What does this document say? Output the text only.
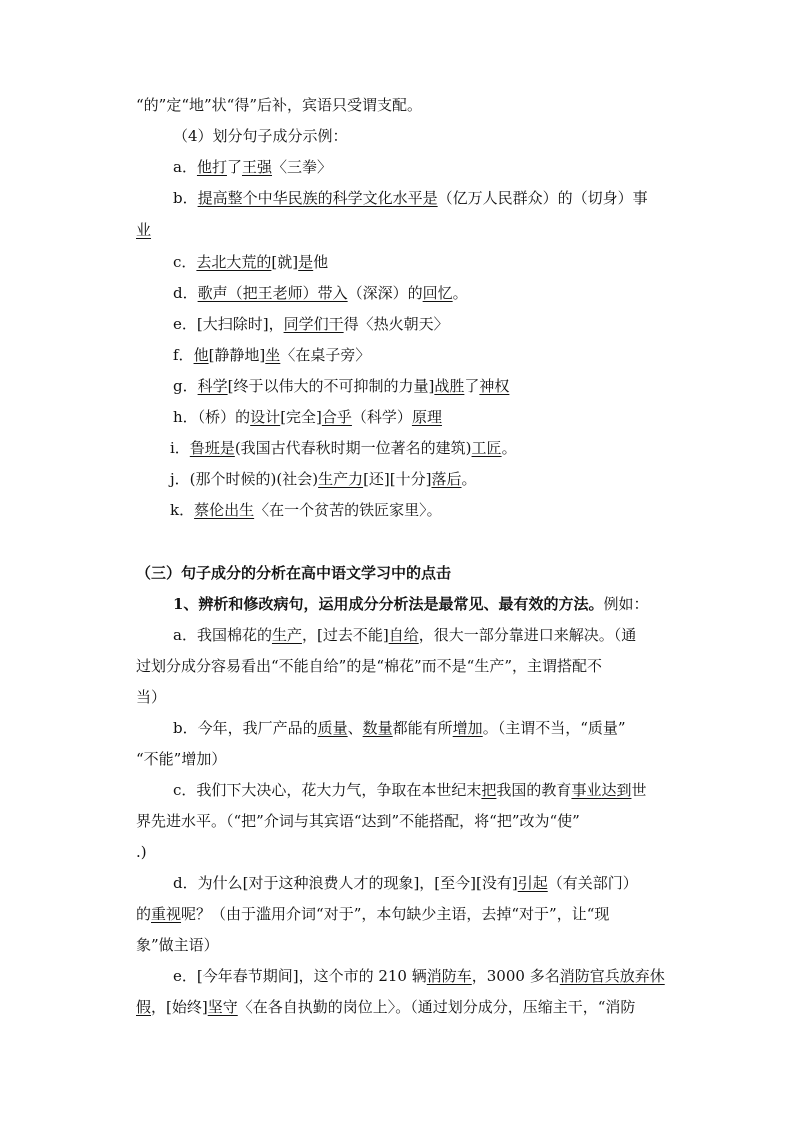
“的”定“地”状“得”后补，宾语只受谓支配。
（4）划分句子成分示例：
a．他打了王强〈三拳〉
b．提高整个中华民族的科学文化水平是（亿万人民群众）的（切身）事
业
c．去北大荒的[就]是他
d．歌声（把王老师）带入（深深）的回忆。
e．[大扫除时]，同学们干得〈热火朝天〉
f．他[静静地]坐〈在桌子旁〉
g．科学[终于以伟大的不可抑制的力量]战胜了神权
h．（桥）的设计[完全]合乎（科学）原理
i．鲁班是(我国古代春秋时期一位著名的建筑)工匠。
j．(那个时候的)(社会)生产力[还][十分]落后。
k．蔡伦出生〈在一个贫苦的铁匠家里〉。
（三）句子成分的分析在高中语文学习中的点击
1、辨析和修改病句，运用成分分析法是最常见、最有效的方法。例如：
a．我国棉花的生产，[过去不能]自给，很大一部分靠进口来解决。（通
过划分成分容易看出“不能自给”的是“棉花”而不是“生产”，主谓搭配不
当）
b．今年，我厂产品的质量、数量都能有所增加。（主谓不当，“质量”
“不能”增加）
c．我们下大决心，花大力气，争取在本世纪末把我国的教育事业达到世
界先进水平。（“把”介词与其宾语“达到”不能搭配，将“把”改为“使”
.)
d．为什么[对于这种浪费人才的现象]，[至今][没有]引起（有关部门）
的重视呢？（由于滥用介词“对于”，本句缺少主语，去掉“对于”，让“现
象”做主语）
e．[今年春节期间]，这个市的 210 辆消防车，3000 多名消防官兵放弃休
假，[始终]坚守〈在各自执勤的岗位上〉。（通过划分成分，压缩主干，“消防
